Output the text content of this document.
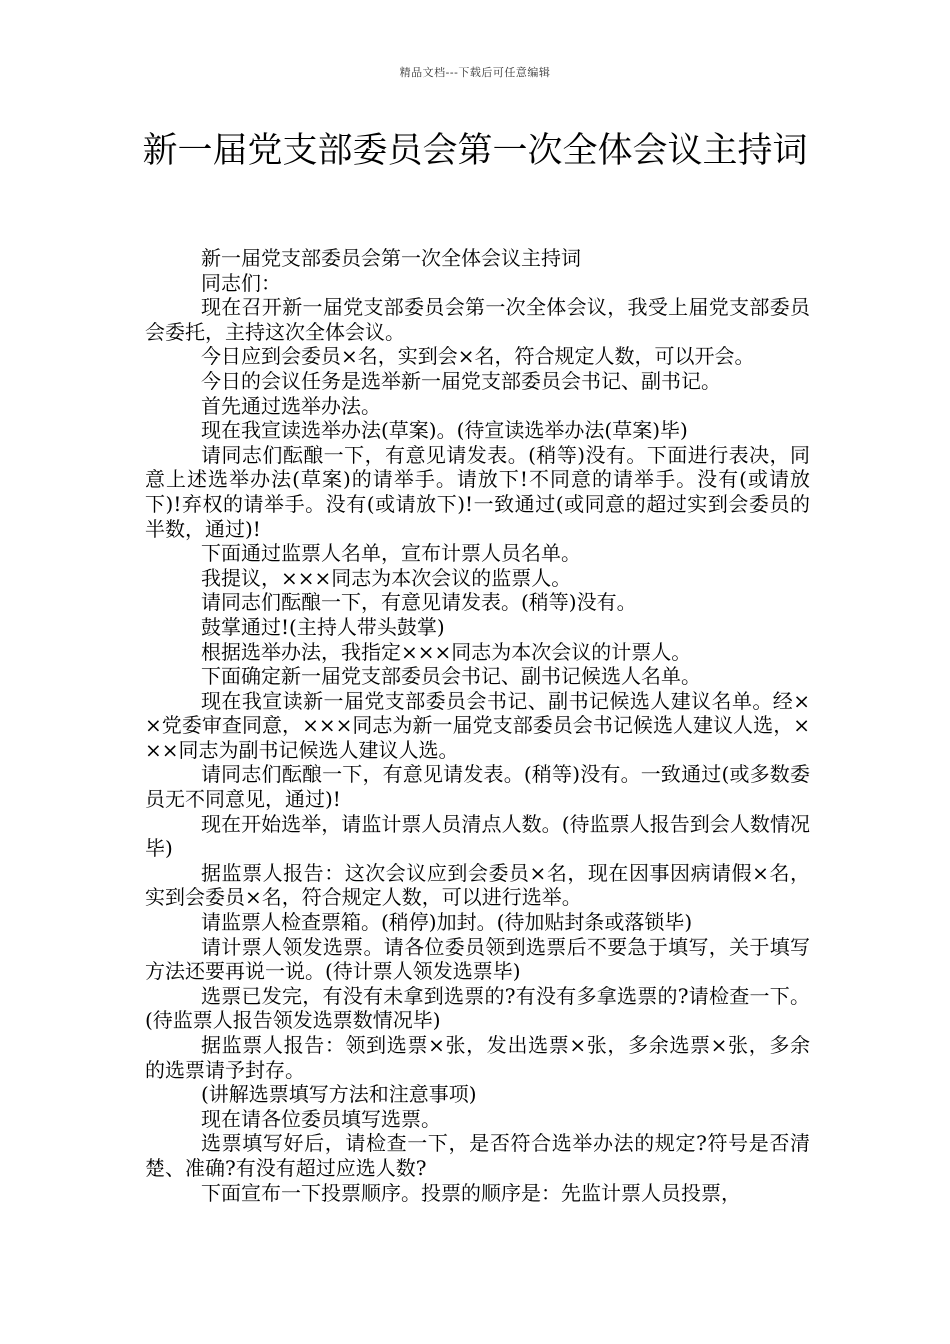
精品文档---下载后可任意编辑
新一届党支部委员会第一次全体会议主持词

新一届党支部委员会第一次全体会议主持词

同志们：

现在召开新一届党支部委员会第一次全体会议，我受上届党支部委员会委托，主持这次全体会议。

今日应到会委员×名，实到会×名，符合规定人数，可以开会。

今日的会议任务是选举新一届党支部委员会书记、副书记。

首先通过选举办法。

现在我宣读选举办法(草案)。(待宣读选举办法(草案)毕)

请同志们酝酿一下，有意见请发表。(稍等)没有。下面进行表决，同意上述选举办法(草案)的请举手。请放下!不同意的请举手。没有(或请放下)!弃权的请举手。没有(或请放下)!一致通过(或同意的超过实到会委员的半数，通过)!

下面通过监票人名单，宣布计票人员名单。

我提议，×××同志为本次会议的监票人。

请同志们酝酿一下，有意见请发表。(稍等)没有。

鼓掌通过!(主持人带头鼓掌)

根据选举办法，我指定×××同志为本次会议的计票人。

下面确定新一届党支部委员会书记、副书记候选人名单。

现在我宣读新一届党支部委员会书记、副书记候选人建议名单。经××党委审查同意，×××同志为新一届党支部委员会书记候选人建议人选，×××同志为副书记候选人建议人选。

请同志们酝酿一下，有意见请发表。(稍等)没有。一致通过(或多数委员无不同意见，通过)!

现在开始选举，请监计票人员清点人数。(待监票人报告到会人数情况毕)

据监票人报告：这次会议应到会委员×名，现在因事因病请假×名，实到会委员×名，符合规定人数，可以进行选举。

请监票人检查票箱。(稍停)加封。(待加贴封条或落锁毕)

请计票人领发选票。请各位委员领到选票后不要急于填写，关于填写方法还要再说一说。(待计票人领发选票毕)

选票已发完，有没有未拿到选票的?有没有多拿选票的?请检查一下。(待监票人报告领发选票数情况毕)

据监票人报告：领到选票×张，发出选票×张，多余选票×张，多余的选票请予封存。

(讲解选票填写方法和注意事项)

现在请各位委员填写选票。

选票填写好后，请检查一下，是否符合选举办法的规定?符号是否清楚、准确?有没有超过应选人数?

下面宣布一下投票顺序。投票的顺序是：先监计票人员投票，
